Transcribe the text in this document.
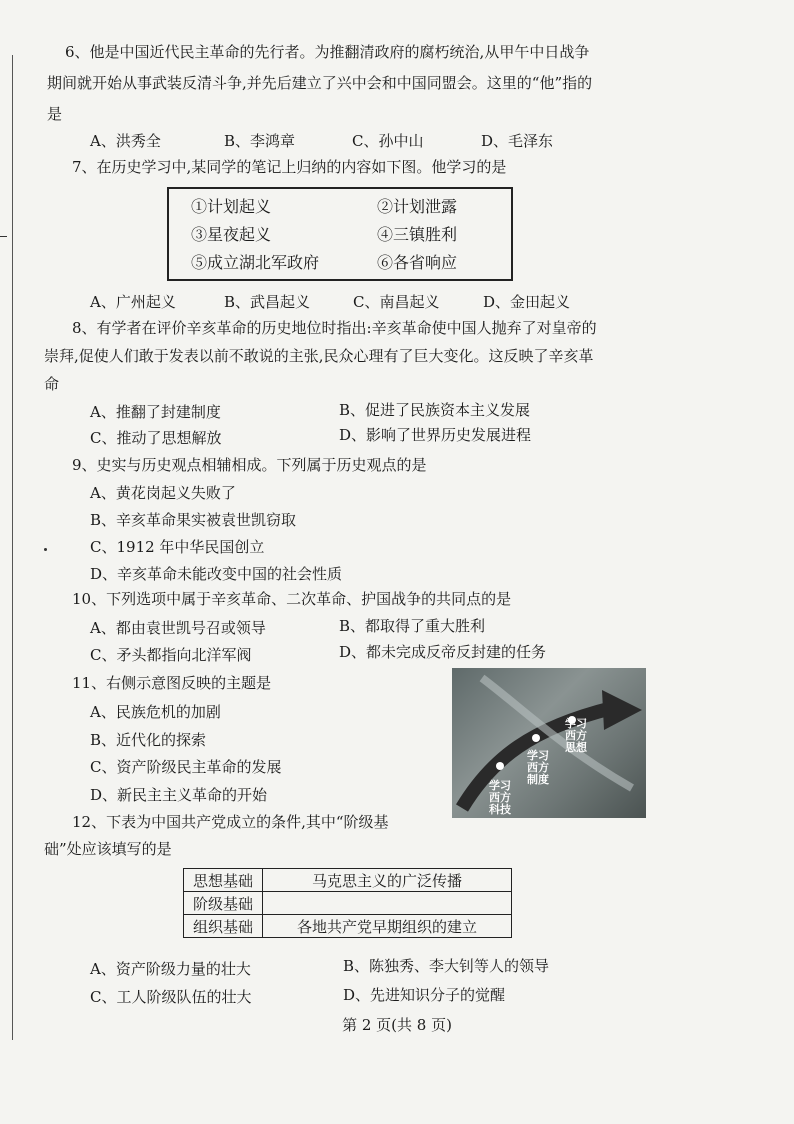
6、他是中国近代民主革命的先行者。为推翻清政府的腐朽统治,从甲午中日战争
期间就开始从事武装反清斗争,并先后建立了兴中会和中国同盟会。这里的“他”指的
是
A、洪秀全	B、李鸿章	C、孙中山	D、毛泽东
7、在历史学习中,某同学的笔记上归纳的内容如下图。他学习的是
①计划起义	②计划泄露
③星夜起义	④三镇胜利
⑤成立湖北军政府	⑥各省响应
A、广州起义	B、武昌起义	C、南昌起义	D、金田起义
8、有学者在评价辛亥革命的历史地位时指出:辛亥革命使中国人抛弃了对皇帝的
崇拜,促使人们敢于发表以前不敢说的主张,民众心理有了巨大变化。这反映了辛亥革
命
A、推翻了封建制度	B、促进了民族资本主义发展
C、推动了思想解放	D、影响了世界历史发展进程
9、史实与历史观点相辅相成。下列属于历史观点的是
A、黄花岗起义失败了
B、辛亥革命果实被袁世凯窃取
C、1912 年中华民国创立
D、辛亥革命未能改变中国的社会性质
10、下列选项中属于辛亥革命、二次革命、护国战争的共同点的是
A、都由袁世凯号召或领导	B、都取得了重大胜利
C、矛头都指向北洋军阀	D、都未完成反帝反封建的任务
11、右侧示意图反映的主题是
A、民族危机的加剧
B、近代化的探索
C、资产阶级民主革命的发展
D、新民主主义革命的开始
学习西方科技
学习西方制度
学习西方思想
12、下表为中国共产党成立的条件,其中“阶级基
础”处应该填写的是
思想基础	马克思主义的广泛传播
阶级基础	
组织基础	各地共产党早期组织的建立
A、资产阶级力量的壮大	B、陈独秀、李大钊等人的领导
C、工人阶级队伍的壮大	D、先进知识分子的觉醒
第 2 页(共 8 页)
